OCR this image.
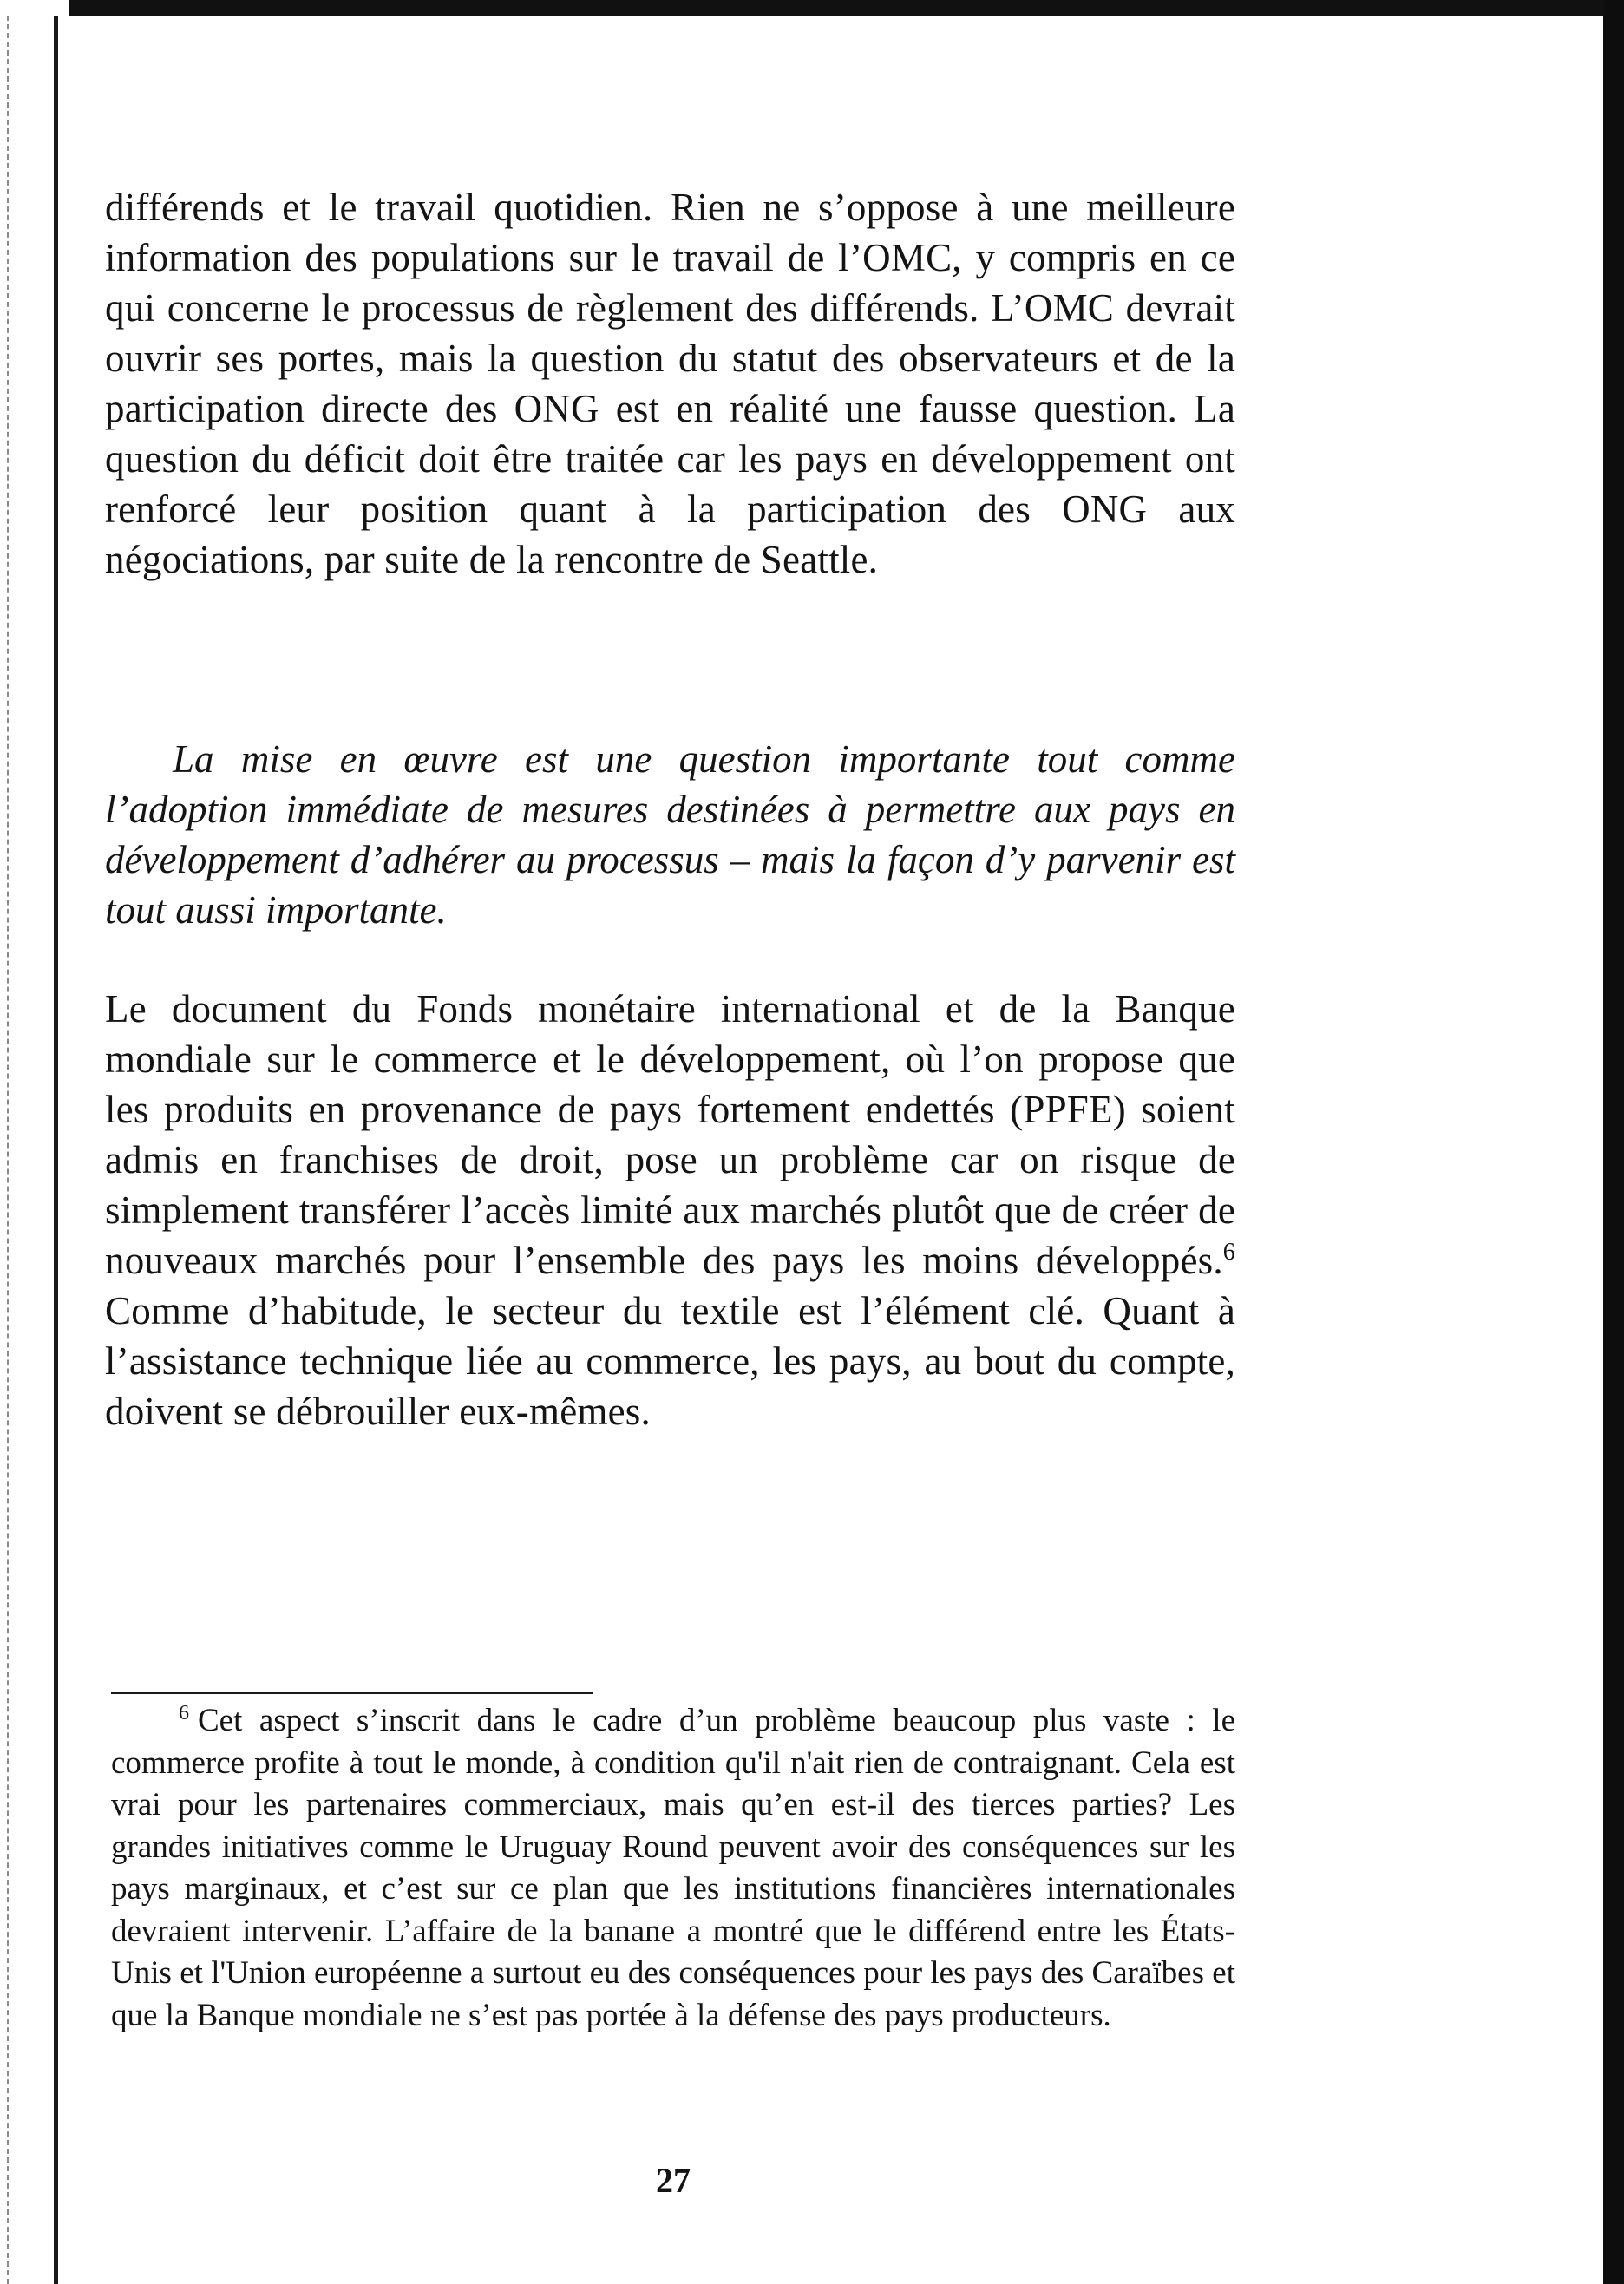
différends et le travail quotidien. Rien ne s’oppose à une meilleure information des populations sur le travail de l’OMC, y compris en ce qui concerne le processus de règlement des différends. L’OMC devrait ouvrir ses portes, mais la question du statut des observateurs et de la participation directe des ONG est en réalité une fausse question. La question du déficit doit être traitée car les pays en développement ont renforcé leur position quant à la participation des ONG aux négociations, par suite de la rencontre de Seattle.

La mise en œuvre est une question importante tout comme l’adoption immédiate de mesures destinées à permettre aux pays en développement d’adhérer au processus – mais la façon d’y parvenir est tout aussi importante.

Le document du Fonds monétaire international et de la Banque mondiale sur le commerce et le développement, où l’on propose que les produits en provenance de pays fortement endettés (PPFE) soient admis en franchises de droit, pose un problème car on risque de simplement transférer l’accès limité aux marchés plutôt que de créer de nouveaux marchés pour l’ensemble des pays les moins développés.$^6$ Comme d’habitude, le secteur du textile est l’élément clé. Quant à l’assistance technique liée au commerce, les pays, au bout du compte, doivent se débrouiller eux-mêmes.

$^6$ Cet aspect s’inscrit dans le cadre d’un problème beaucoup plus vaste : le commerce profite à tout le monde, à condition qu'il n'ait rien de contraignant. Cela est vrai pour les partenaires commerciaux, mais qu’en est-il des tierces parties? Les grandes initiatives comme le Uruguay Round peuvent avoir des conséquences sur les pays marginaux, et c’est sur ce plan que les institutions financières internationales devraient intervenir. L’affaire de la banane a montré que le différend entre les États-Unis et l'Union européenne a surtout eu des conséquences pour les pays des Caraïbes et que la Banque mondiale ne s’est pas portée à la défense des pays producteurs.

27
